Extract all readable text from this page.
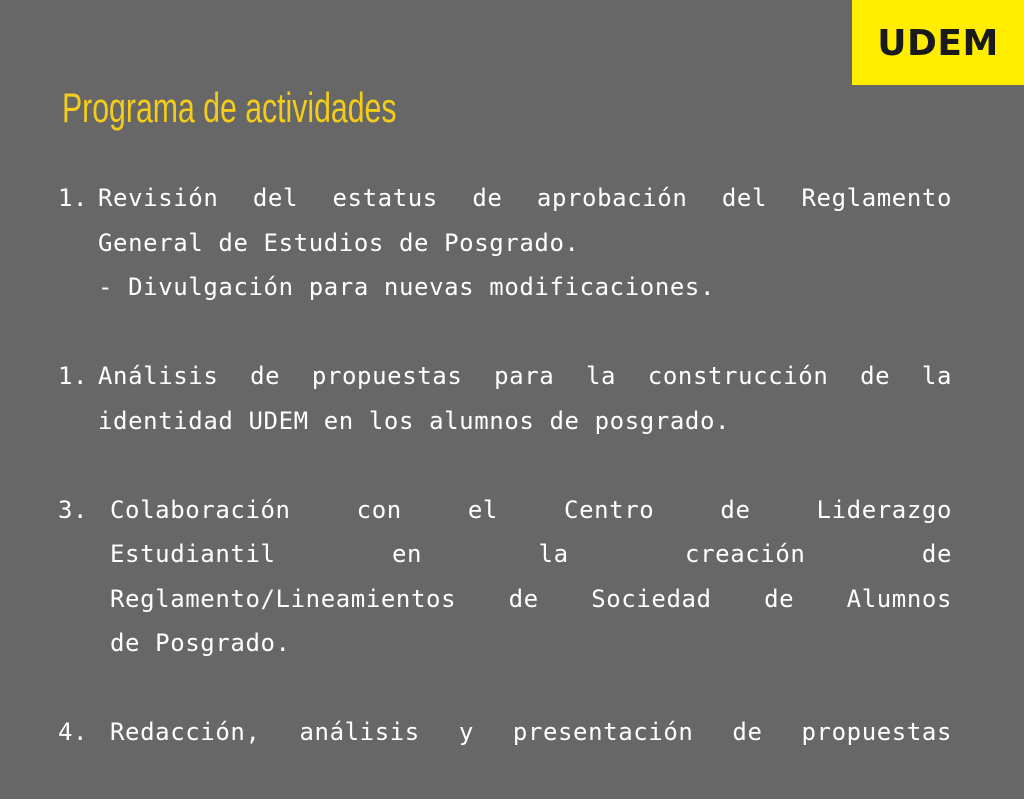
UDEM
Programa de actividades
1. Revisión del estatus de aprobación del Reglamento
General de Estudios de Posgrado.
- Divulgación para nuevas modificaciones.
1. Análisis de propuestas para la construcción de la
identidad UDEM en los alumnos de posgrado.
3. Colaboración con el Centro de Liderazgo
Estudiantil en la creación de
Reglamento/Lineamientos de Sociedad de Alumnos
de Posgrado.
4. Redacción, análisis y presentación de propuestas
